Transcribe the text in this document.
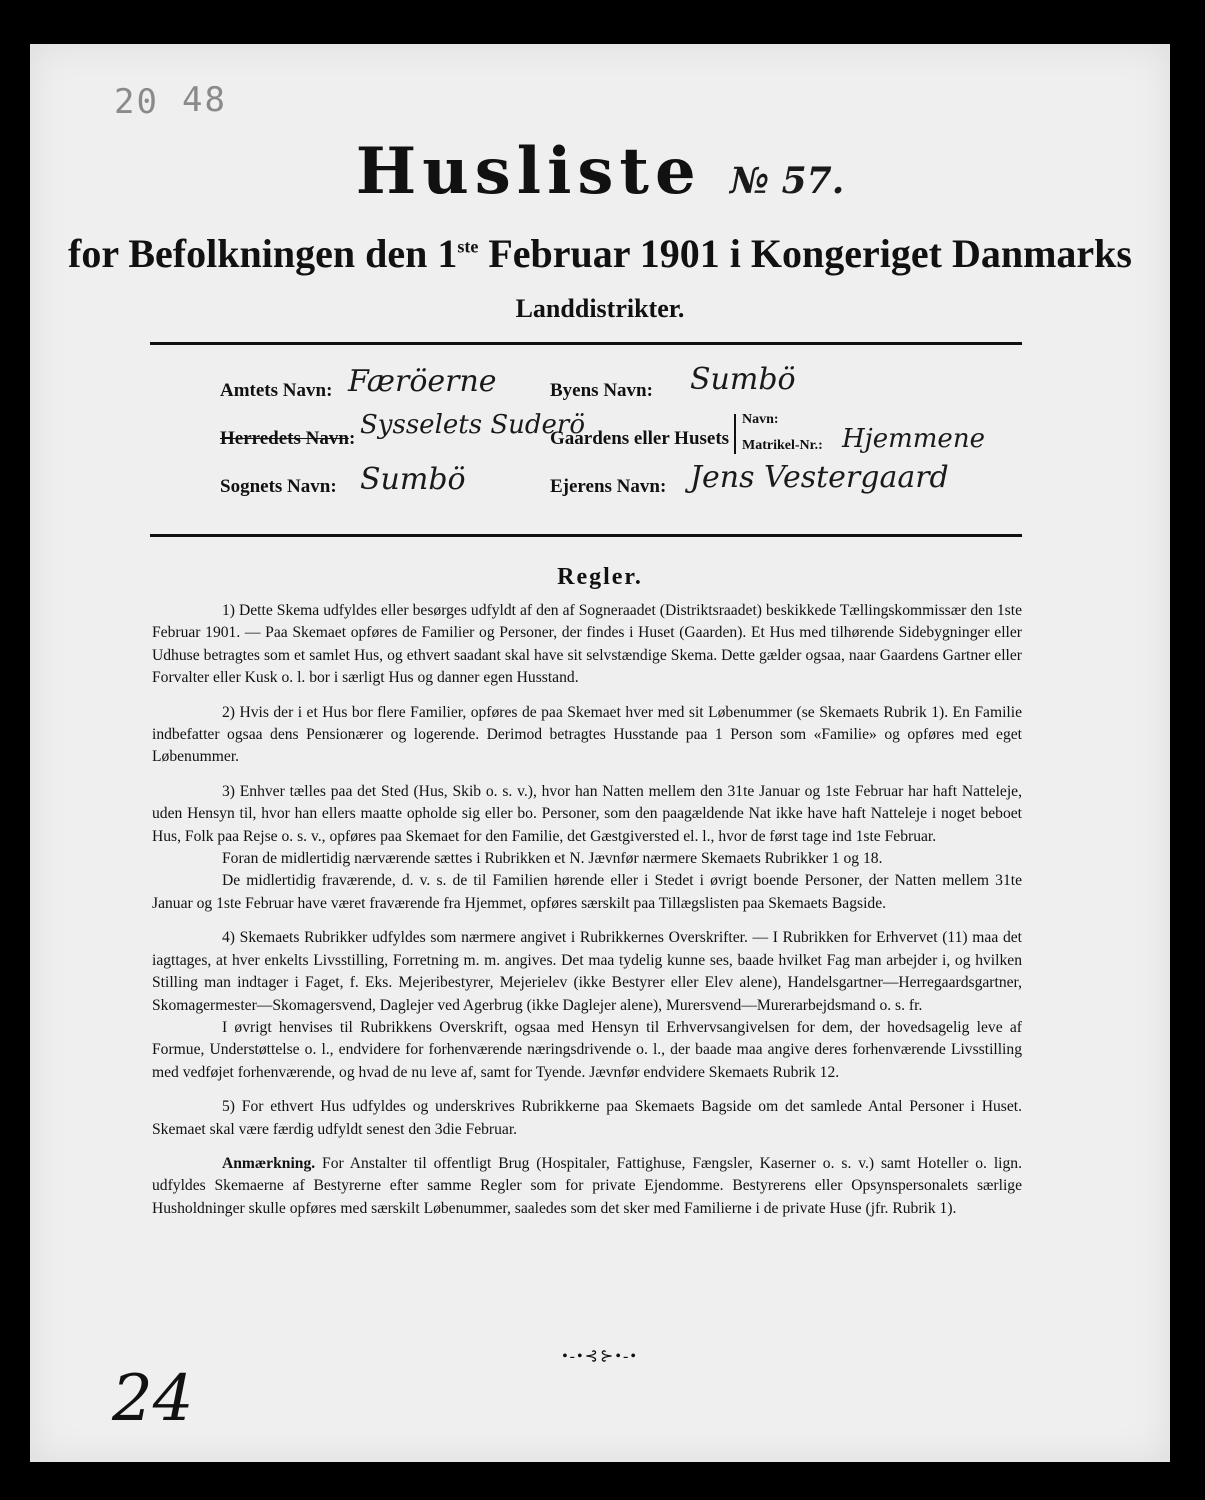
20 48
Husliste № 57.
for Befolkningen den 1ste Februar 1901 i Kongeriget Danmarks
Landdistrikter.
Amtets Navn: Færöerne	Byens Navn: Sumbö
Herredets Navn: Sysselets Suderö
Gaardens eller Husets
Navn:
Matrikel-Nr.: Hjemmene
Sognets Navn: Sumbö	Ejerens Navn: Jens Vestergaard
Regler.

1) Dette Skema udfyldes eller besørges udfyldt af den af Sogneraadet (Distriktsraadet) beskikkede Tællingskommissær den 1ste Februar 1901. — Paa Skemaet opføres de Familier og Personer, der findes i Huset (Gaarden). Et Hus med tilhørende Sidebygninger eller Udhuse betragtes som et samlet Hus, og ethvert saadant skal have sit selvstændige Skema. Dette gælder ogsaa, naar Gaardens Gartner eller Forvalter eller Kusk o. l. bor i særligt Hus og danner egen Husstand.

2) Hvis der i et Hus bor flere Familier, opføres de paa Skemaet hver med sit Løbenummer (se Skemaets Rubrik 1). En Familie indbefatter ogsaa dens Pensionærer og logerende. Derimod betragtes Husstande paa 1 Person som «Familie» og opføres med eget Løbenummer.

3) Enhver tælles paa det Sted (Hus, Skib o. s. v.), hvor han Natten mellem den 31te Januar og 1ste Februar har haft Natteleje, uden Hensyn til, hvor han ellers maatte opholde sig eller bo. Personer, som den paagældende Nat ikke have haft Natteleje i noget beboet Hus, Folk paa Rejse o. s. v., opføres paa Skemaet for den Familie, det Gæstgiversted el. l., hvor de først tage ind 1ste Februar.

Foran de midlertidig nærværende sættes i Rubrikken et N. Jævnfør nærmere Skemaets Rubrikker 1 og 18.

De midlertidig fraværende, d. v. s. de til Familien hørende eller i Stedet i øvrigt boende Personer, der Natten mellem 31te Januar og 1ste Februar have været fraværende fra Hjemmet, opføres særskilt paa Tillægslisten paa Skemaets Bagside.

4) Skemaets Rubrikker udfyldes som nærmere angivet i Rubrikkernes Overskrifter. — I Rubrikken for Erhvervet (11) maa det iagttages, at hver enkelts Livsstilling, Forretning m. m. angives. Det maa tydelig kunne ses, baade hvilket Fag man arbejder i, og hvilken Stilling man indtager i Faget, f. Eks. Mejeribestyrer, Mejerielev (ikke Bestyrer eller Elev alene), Handelsgartner—Herregaardsgartner, Skomagermester—Skomagersvend, Daglejer ved Agerbrug (ikke Daglejer alene), Murersvend—Murerarbejdsmand o. s. fr.

I øvrigt henvises til Rubrikkens Overskrift, ogsaa med Hensyn til Erhvervsangivelsen for dem, der hovedsagelig leve af Formue, Understøttelse o. l., endvidere for forhenværende næringsdrivende o. l., der baade maa angive deres forhenværende Livsstilling med vedføjet forhenværende, og hvad de nu leve af, samt for Tyende. Jævnfør endvidere Skemaets Rubrik 12.

5) For ethvert Hus udfyldes og underskrives Rubrikkerne paa Skemaets Bagside om det samlede Antal Personer i Huset. Skemaet skal være færdig udfyldt senest den 3die Februar.

Anmærkning. For Anstalter til offentligt Brug (Hospitaler, Fattighuse, Fængsler, Kaserner o. s. v.) samt Hoteller o. lign. udfyldes Skemaerne af Bestyrerne efter samme Regler som for private Ejendomme. Bestyrerens eller Opsynspersonalets særlige Husholdninger skulle opføres med særskilt Løbenummer, saaledes som det sker med Familierne i de private Huse (jfr. Rubrik 1).

•-•⊰⊱•-•
24
